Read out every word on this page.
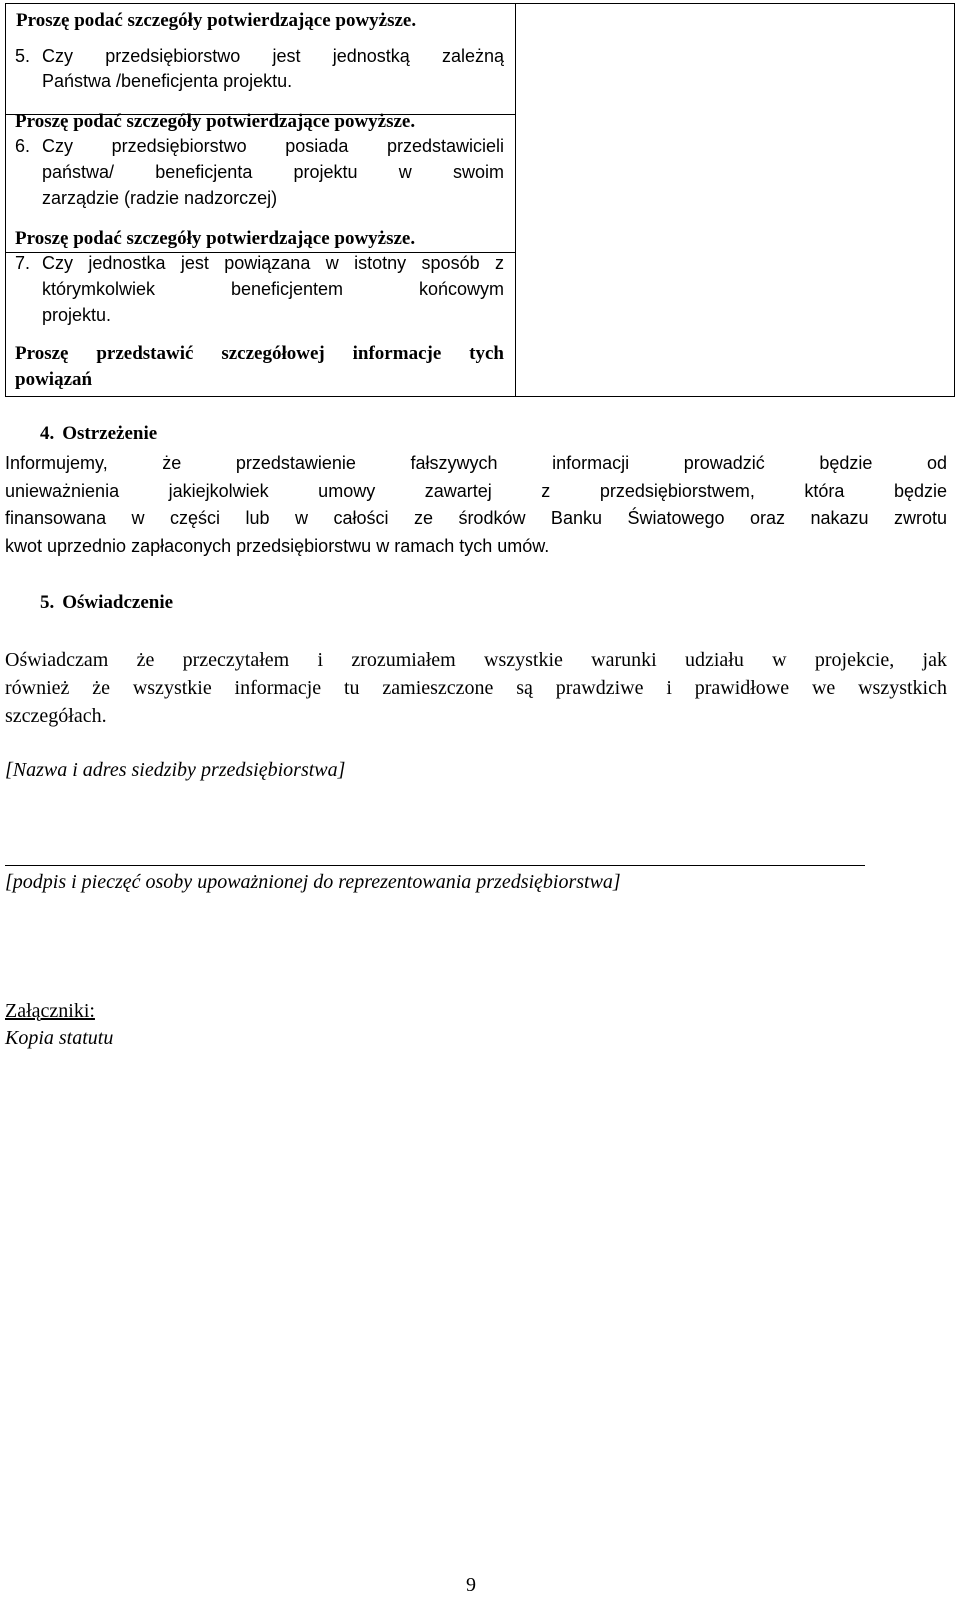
Proszę podać szczegóły potwierdzające powyższe.

5. Czy przedsiębiorstwo jest jednostką zależną
Państwa /beneficjenta projektu.
Proszę podać szczegóły potwierdzające powyższe.
6. Czy przedsiębiorstwo posiada przedstawicieli
państwa/ beneficjenta projektu w swoim
zarządzie (radzie nadzorczej)
Proszę podać szczegóły potwierdzające powyższe.
7. Czy jednostka jest powiązana w istotny sposób z
którymkolwiek beneficjentem końcowym
projektu.
Proszę przedstawić szczegółowej informacje tych
powiązań
4. Ostrzeżenie
Informujemy, że przedstawienie fałszywych informacji prowadzić będzie od
unieważnienia jakiejkolwiek umowy zawartej z przedsiębiorstwem, która będzie
finansowana w części lub w całości ze środków Banku Światowego oraz nakazu zwrotu
kwot uprzednio zapłaconych przedsiębiorstwu w ramach tych umów.
5. Oświadczenie
Oświadczam że przeczytałem i zrozumiałem wszystkie warunki udziału w projekcie, jak
również że wszystkie informacje tu zamieszczone są prawdziwe i prawidłowe we wszystkich
szczegółach.
[Nazwa i adres siedziby przedsiębiorstwa]
[podpis i pieczęć osoby upoważnionej do reprezentowania przedsiębiorstwa]
Załączniki:
Kopia statutu
9
